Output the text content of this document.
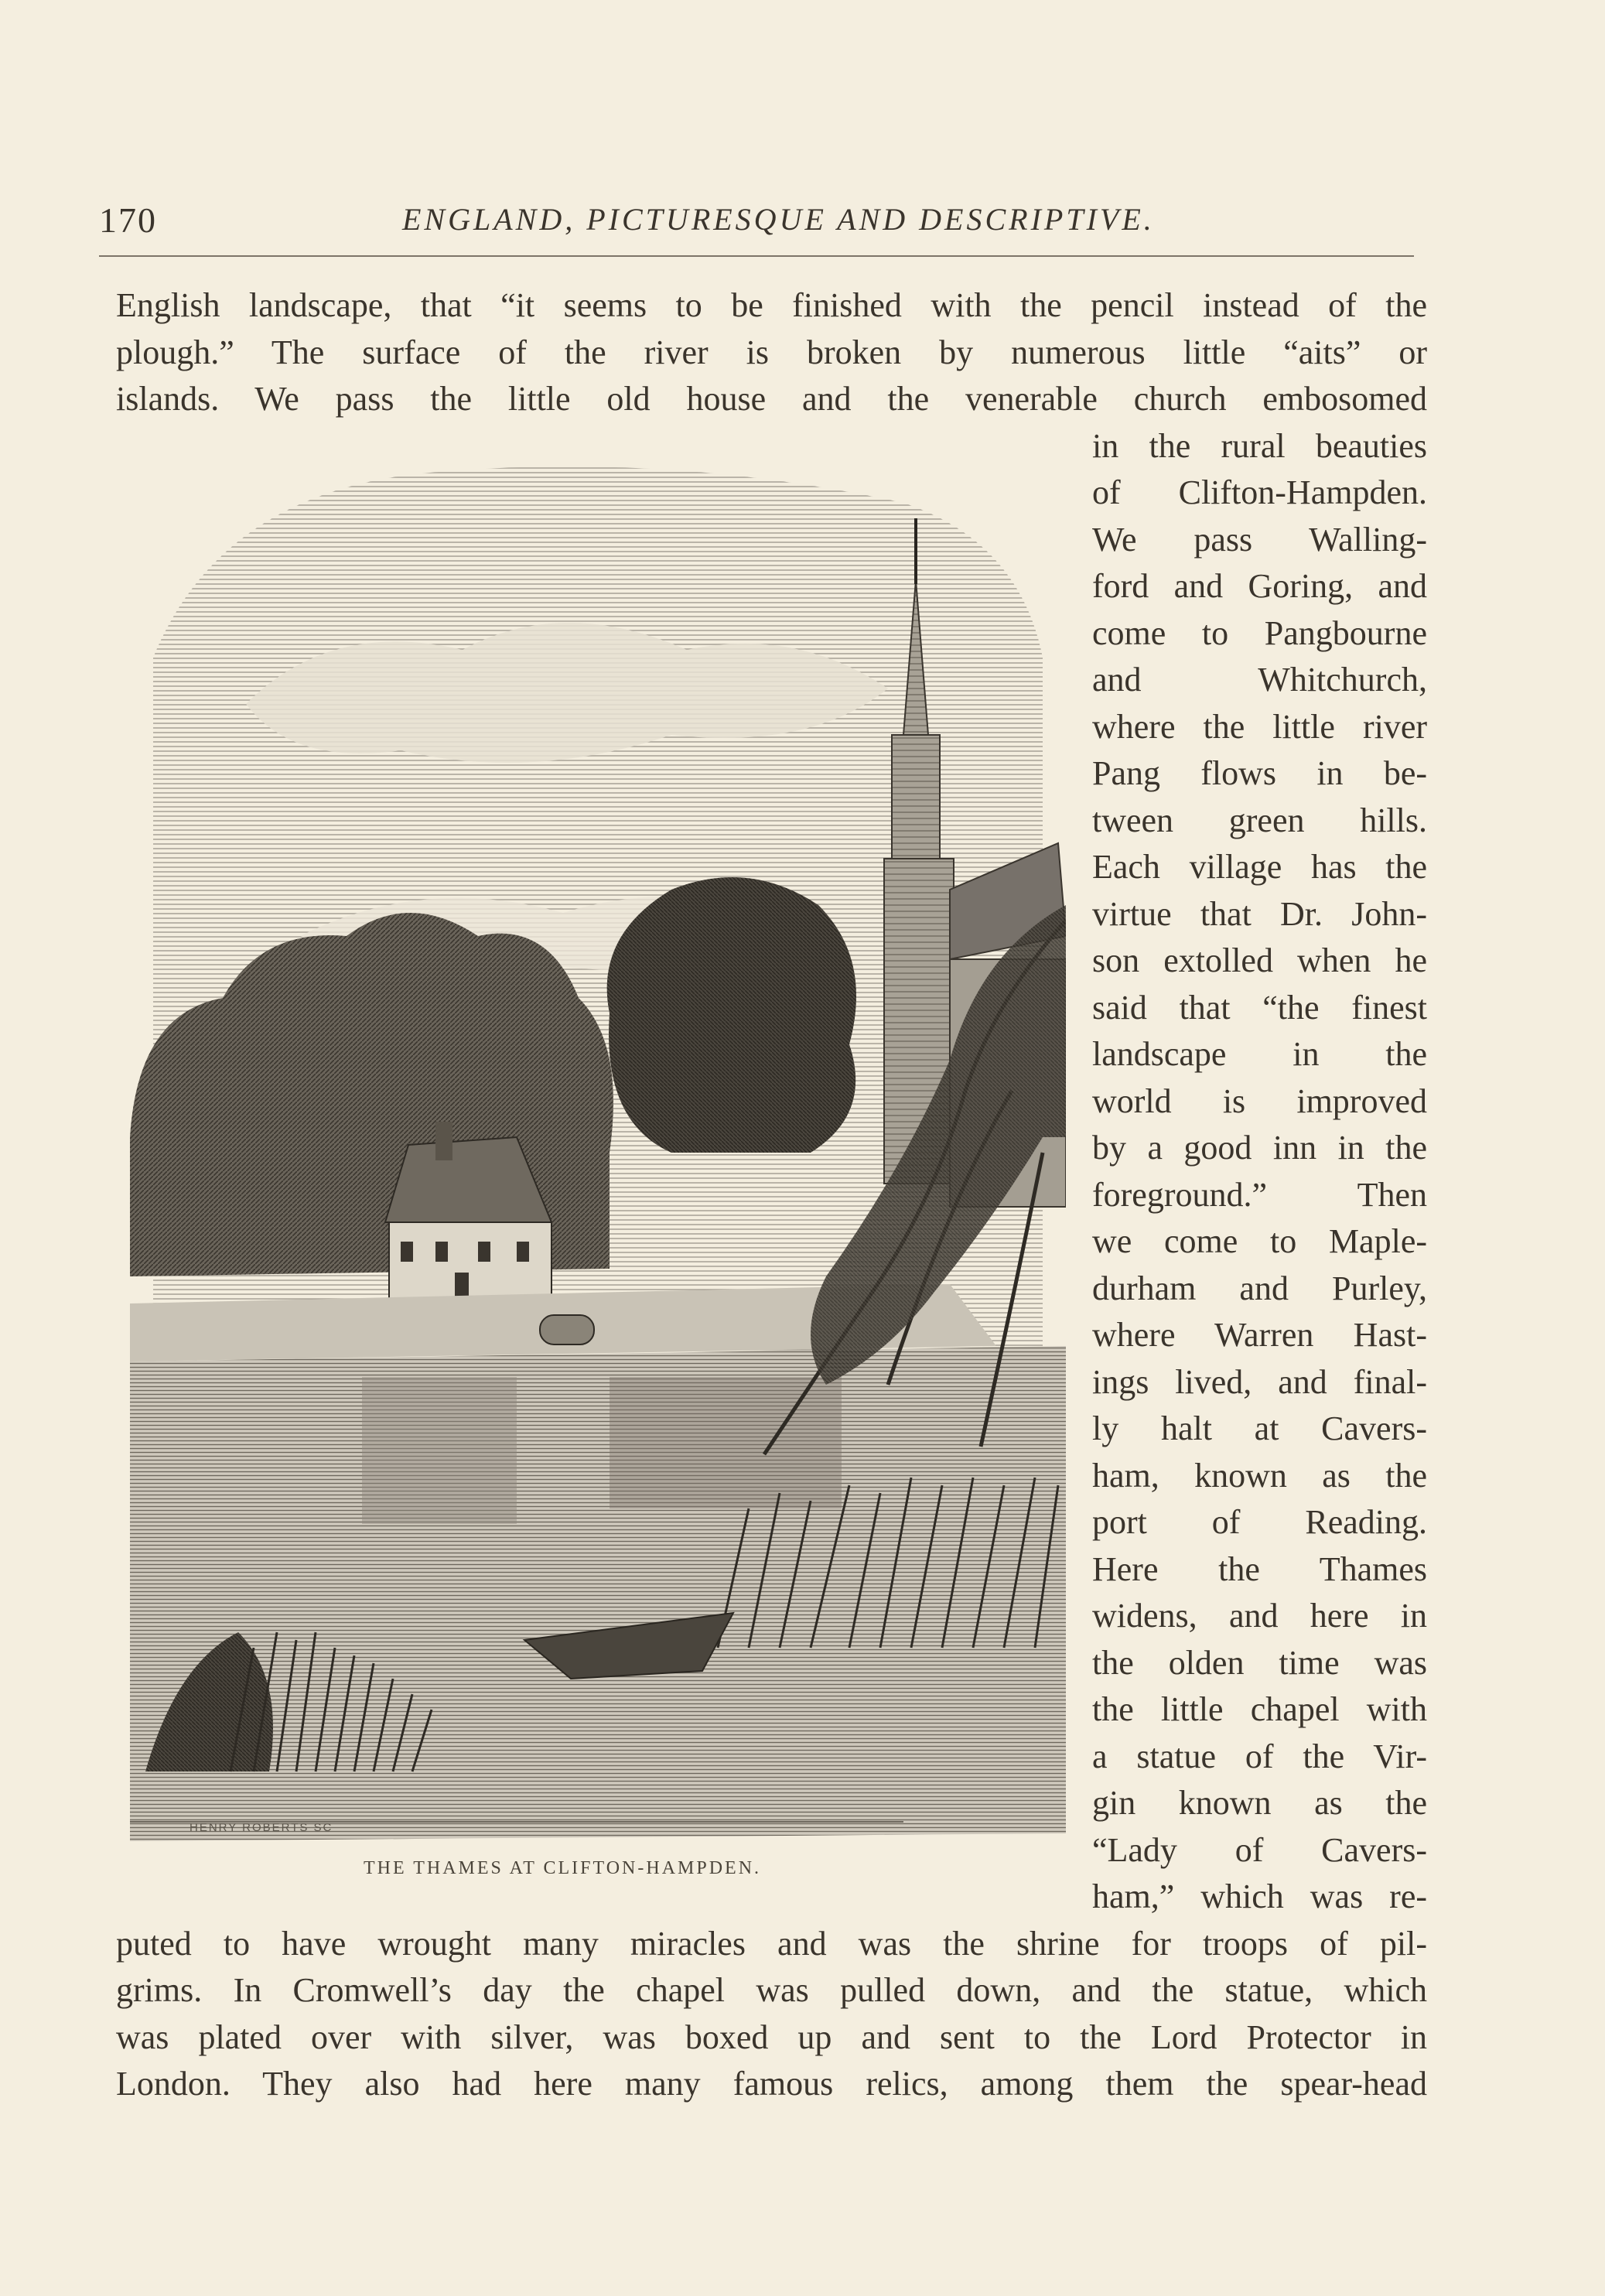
170	ENGLAND, PICTURESQUE AND DESCRIPTIVE.
English landscape, that “it seems to be finished with the pencil instead of the
plough.” The surface of the river is broken by numerous little “aits” or
islands. We pass the little old house and the venerable church embosomed
in the rural beauties
of Clifton-Hampden.
We pass Walling-
ford and Goring, and
come to Pangbourne
and Whitchurch,
where the little river
Pang flows in be-
tween green hills.
Each village has the
virtue that Dr. John-
son extolled when he
said that “the finest
landscape in the
world is improved
by a good inn in the
foreground.” Then
we come to Maple-
durham and Purley,
where Warren Hast-
ings lived, and final-
ly halt at Cavers-
ham, known as the
port of Reading.
Here the Thames
widens, and here in
the olden time was
the little chapel with
a statue of the Vir-
gin known as the
“Lady of Cavers-
ham,” which was re-
puted to have wrought many miracles and was the shrine for troops of pil-
grims. In Cromwell’s day the chapel was pulled down, and the statue, which
was plated over with silver, was boxed up and sent to the Lord Protector in
London. They also had here many famous relics, among them the spear-head
HENRY ROBERTS SC
THE THAMES AT CLIFTON-HAMPDEN.
